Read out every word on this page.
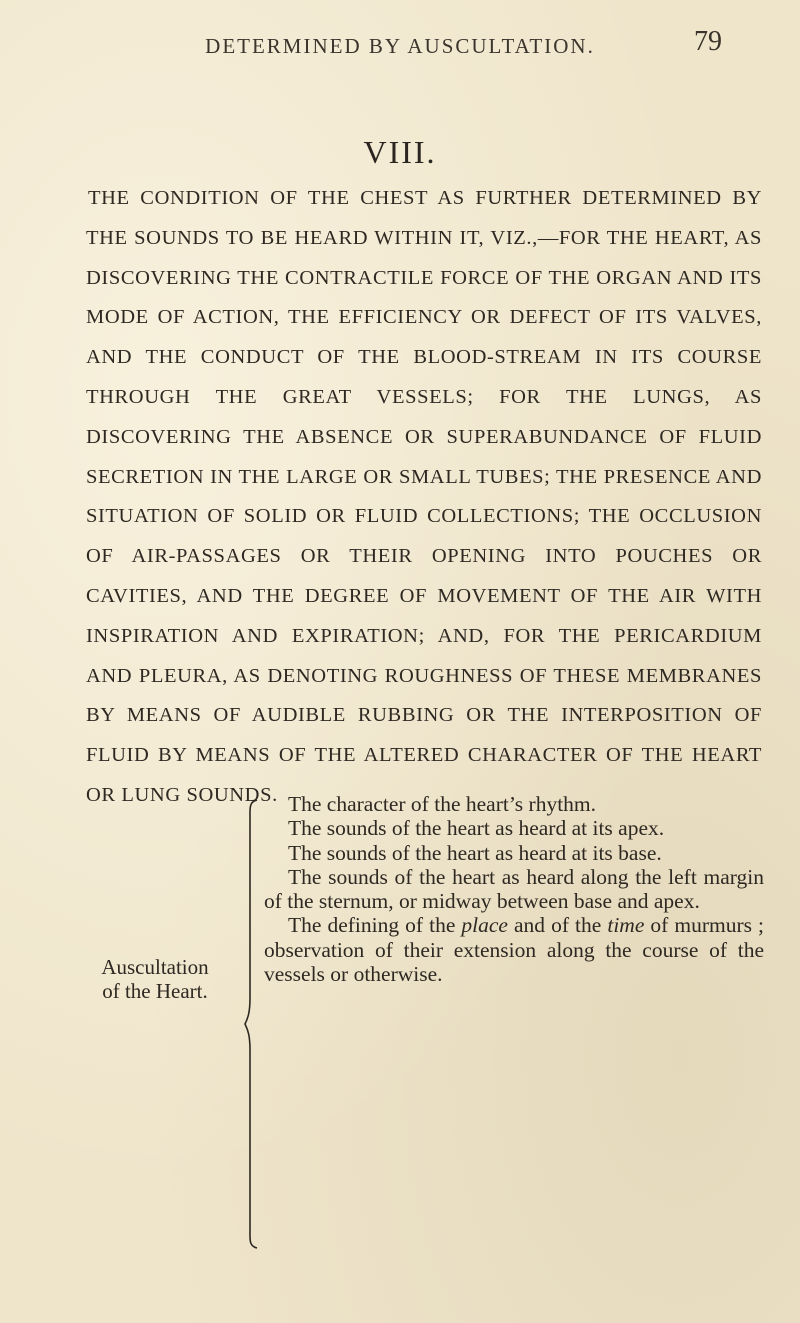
DETERMINED BY AUSCULTATION.	79
VIII.
THE CONDITION OF THE CHEST AS FURTHER DETERMINED BY THE SOUNDS TO BE HEARD WITHIN IT, VIZ.,—FOR THE HEART, AS DISCOVERING THE CONTRACTILE FORCE OF THE ORGAN AND ITS MODE OF ACTION, THE EFFICIENCY OR DEFECT OF ITS VALVES, AND THE CONDUCT OF THE BLOOD-STREAM IN ITS COURSE THROUGH THE GREAT VESSELS; FOR THE LUNGS, AS DISCOVERING THE ABSENCE OR SUPERABUNDANCE OF FLUID SECRETION IN THE LARGE OR SMALL TUBES; THE PRESENCE AND SITUATION OF SOLID OR FLUID COLLECTIONS; THE OCCLUSION OF AIR-PASSAGES OR THEIR OPENING INTO POUCHES OR CAVITIES, AND THE DEGREE OF MOVEMENT OF THE AIR WITH INSPIRATION AND EXPIRATION; AND, FOR THE PERICARDIUM AND PLEURA, AS DENOTING ROUGHNESS OF THESE MEMBRANES BY MEANS OF AUDIBLE RUBBING OR THE INTERPOSITION OF FLUID BY MEANS OF THE ALTERED CHARACTER OF THE HEART OR LUNG SOUNDS.
Auscultation
of the Heart.

The character of the heart’s rhythm.

The sounds of the heart as heard at its apex.

The sounds of the heart as heard at its base.

The sounds of the heart as heard along the left margin of the sternum, or midway between base and apex.

The defining of the place and of the time of murmurs ; observation of their extension along the course of the vessels or otherwise.
